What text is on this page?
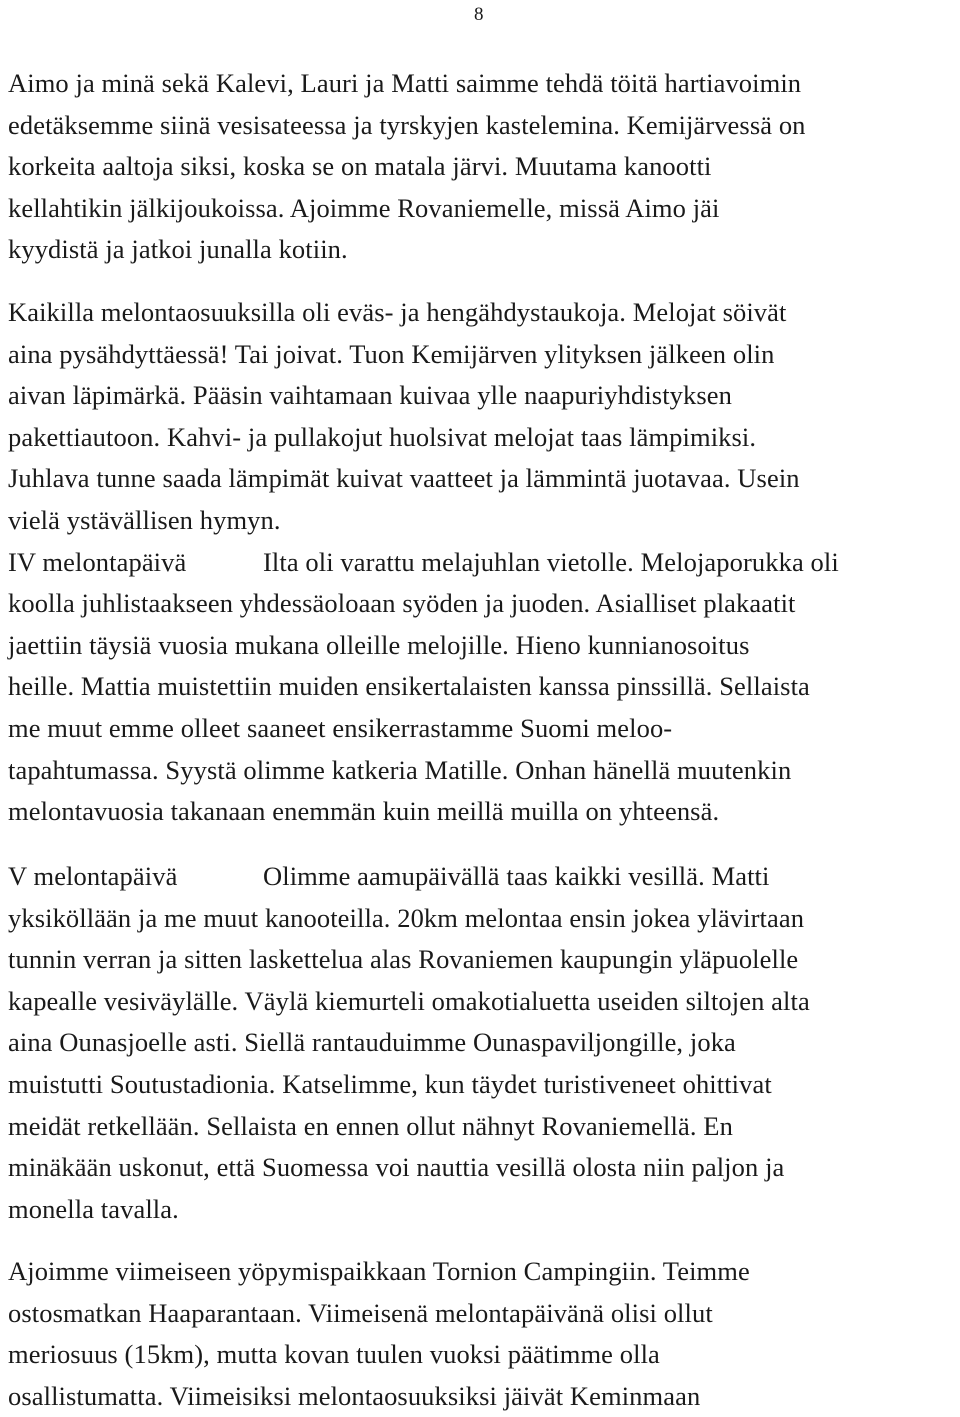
8
Aimo ja minä sekä Kalevi, Lauri ja Matti saimme tehdä töitä hartiavoimin
edetäksemme siinä vesisateessa ja tyrskyjen kastelemina. Kemijärvessä on
korkeita aaltoja siksi, koska se on matala järvi. Muutama kanootti
kellahtikin jälkijoukoissa. Ajoimme Rovaniemelle, missä Aimo jäi
kyydistä ja jatkoi junalla kotiin.
Kaikilla melontaosuuksilla oli eväs- ja hengähdystaukoja. Melojat söivät
aina pysähdyttäessä! Tai joivat. Tuon Kemijärven ylityksen jälkeen olin
aivan läpimärkä. Pääsin vaihtamaan kuivaa ylle naapuriyhdistyksen
pakettiautoon. Kahvi- ja pullakojut huolsivat melojat taas lämpimiksi.
Juhlava tunne saada lämpimät kuivat vaatteet ja lämmintä juotavaa. Usein
vielä ystävällisen hymyn.
IV melontapäivä	Ilta oli varattu melajuhlan vietolle. Melojaporukka oli
koolla juhlistaakseen yhdessäoloaan syöden ja juoden. Asialliset plakaatit
jaettiin täysiä vuosia mukana olleille melojille. Hieno kunnianosoitus
heille. Mattia muistettiin muiden ensikertalaisten kanssa pinssillä. Sellaista
me muut emme olleet saaneet ensikerrastamme Suomi meloo-
tapahtumassa. Syystä olimme katkeria Matille. Onhan hänellä muutenkin
melontavuosia takanaan enemmän kuin meillä muilla on yhteensä.
V melontapäivä	Olimme aamupäivällä taas kaikki vesillä. Matti
yksiköllään ja me muut kanooteilla. 20km melontaa ensin jokea ylävirtaan
tunnin verran ja sitten laskettelua alas Rovaniemen kaupungin yläpuolelle
kapealle vesiväylälle. Väylä kiemurteli omakotialuetta useiden siltojen alta
aina Ounasjoelle asti. Siellä rantauduimme Ounaspaviljongille, joka
muistutti Soutustadionia. Katselimme, kun täydet turistiveneet ohittivat
meidät retkellään. Sellaista en ennen ollut nähnyt Rovaniemellä. En
minäkään uskonut, että Suomessa voi nauttia vesillä olosta niin paljon ja
monella tavalla.
Ajoimme viimeiseen yöpymispaikkaan Tornion Campingiin. Teimme
ostosmatkan Haaparantaan. Viimeisenä melontapäivänä olisi ollut
meriosuus (15km), mutta kovan tuulen vuoksi päätimme olla
osallistumatta. Viimeisiksi melontaosuuksiksi jäivät Keminmaan
